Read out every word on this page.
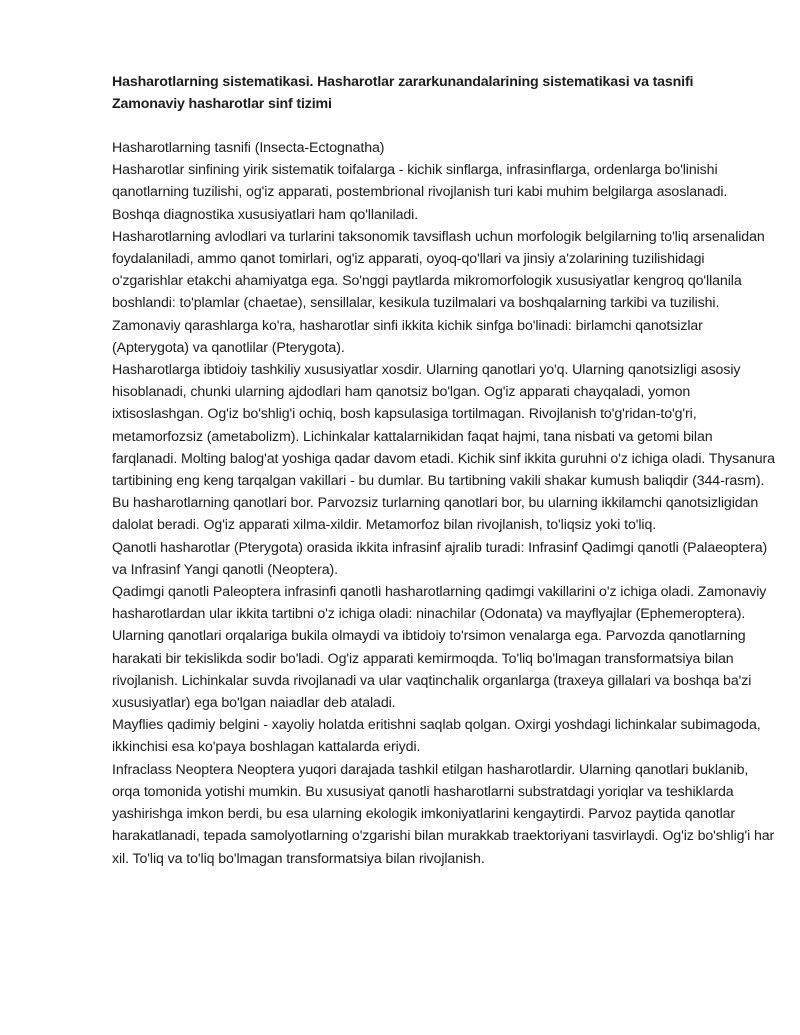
Hasharotlarning sistematikasi. Hasharotlar zararkunandalarining sistematikasi va tasnifi
Zamonaviy hasharotlar sinf tizimi

Hasharotlarning tasnifi (Insecta-Ectognatha)

Hasharotlar sinfining yirik sistematik toifalarga - kichik sinflarga, infrasinflarga, ordenlarga bo'linishi qanotlarning tuzilishi, og'iz apparati, postembrional rivojlanish turi kabi muhim belgilarga asoslanadi. Boshqa diagnostika xususiyatlari ham qo'llaniladi.

Hasharotlarning avlodlari va turlarini taksonomik tavsiflash uchun morfologik belgilarning to'liq arsenalidan foydalaniladi, ammo qanot tomirlari, og'iz apparati, oyoq-qo'llari va jinsiy a'zolarining tuzilishidagi o'zgarishlar etakchi ahamiyatga ega. So'nggi paytlarda mikromorfologik xususiyatlar kengroq qo'llanila boshlandi: to'plamlar (chaetae), sensillalar, kesikula tuzilmalari va boshqalarning tarkibi va tuzilishi.

Zamonaviy qarashlarga ko'ra, hasharotlar sinfi ikkita kichik sinfga bo'linadi: birlamchi qanotsizlar (Apterygota) va qanotlilar (Pterygota).

Hasharotlarga ibtidoiy tashkiliy xususiyatlar xosdir. Ularning qanotlari yo'q. Ularning qanotsizligi asosiy hisoblanadi, chunki ularning ajdodlari ham qanotsiz bo'lgan. Og'iz apparati chayqaladi, yomon ixtisoslashgan. Og'iz bo'shlig'i ochiq, bosh kapsulasiga tortilmagan. Rivojlanish to'g'ridan-to'g'ri, metamorfozsiz (ametabolizm). Lichinkalar kattalarnikidan faqat hajmi, tana nisbati va getomi bilan farqlanadi. Molting balog'at yoshiga qadar davom etadi. Kichik sinf ikkita guruhni o'z ichiga oladi. Thysanura tartibining eng keng tarqalgan vakillari - bu dumlar. Bu tartibning vakili shakar kumush baliqdir (344-rasm).

Bu hasharotlarning qanotlari bor. Parvozsiz turlarning qanotlari bor, bu ularning ikkilamchi qanotsizligidan dalolat beradi. Og'iz apparati xilma-xildir. Metamorfoz bilan rivojlanish, to'liqsiz yoki to'liq.

Qanotli hasharotlar (Pterygota) orasida ikkita infrasinf ajralib turadi: Infrasinf Qadimgi qanotli (Palaeoptera) va Infrasinf Yangi qanotli (Neoptera).

Qadimgi qanotli Paleoptera infrasinfi qanotli hasharotlarning qadimgi vakillarini o'z ichiga oladi. Zamonaviy hasharotlardan ular ikkita tartibni o'z ichiga oladi: ninachilar (Odonata) va mayflyajlar (Ephemeroptera). Ularning qanotlari orqalariga bukila olmaydi va ibtidoiy to'rsimon venalarga ega. Parvozda qanotlarning harakati bir tekislikda sodir bo'ladi. Og'iz apparati kemirmoqda. To'liq bo'lmagan transformatsiya bilan rivojlanish. Lichinkalar suvda rivojlanadi va ular vaqtinchalik organlarga (traxeya gillalari va boshqa ba'zi xususiyatlar) ega bo'lgan naiadlar deb ataladi.

Mayflies qadimiy belgini - xayoliy holatda eritishni saqlab qolgan. Oxirgi yoshdagi lichinkalar subimagoda, ikkinchisi esa ko'paya boshlagan kattalarda eriydi.

Infraclass Neoptera Neoptera yuqori darajada tashkil etilgan hasharotlardir. Ularning qanotlari buklanib, orqa tomonida yotishi mumkin. Bu xususiyat qanotli hasharotlarni substratdagi yoriqlar va teshiklarda yashirishga imkon berdi, bu esa ularning ekologik imkoniyatlarini kengaytirdi. Parvoz paytida qanotlar harakatlanadi, tepada samolyotlarning o'zgarishi bilan murakkab traektoriyani tasvirlaydi. Og'iz bo'shlig'i har xil. To'liq va to'liq bo'lmagan transformatsiya bilan rivojlanish.
